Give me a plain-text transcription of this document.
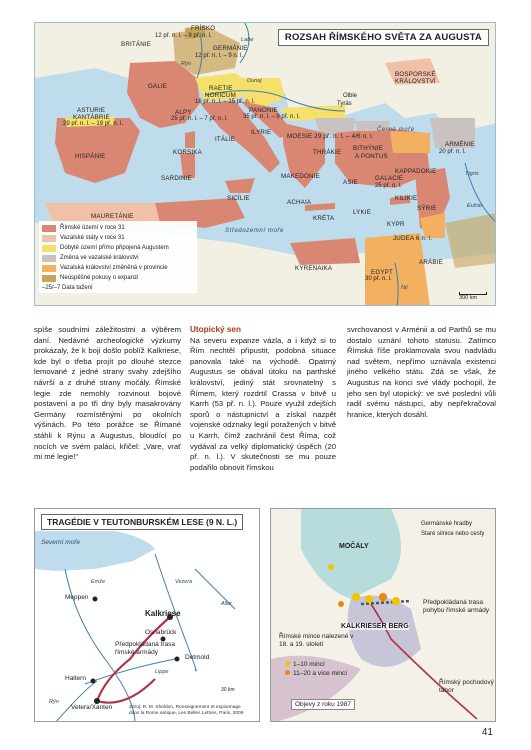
ROZSAH ŘÍMSKÉHO SVĚTA ZA AUGUSTA
FRÍSKO
12 př. n. l. – 9 př. n. l.
BRITÁNIE
GERMÁNIE
12 př. n. l. – 9 n. l.
GALIE	RAETIE
NORICUM
16 př. n. l. – 15 př. n. l.
ALPY
25 př. n. l. – 7 př. n. l.
PANONIE
35 př. n. l. – 9 př. n. l.
ASTURIE
KANTÁBRIE
29 př. n. l. – 19 př. n. l.
HISPÁNIE
ITÁLIE
ILYRIE
KORSIKA
SARDINIE
SICÍLIE
MOESIE 29 př. n. l. – 4/6 n. l.
THRÁKIE
MAKEDONIE
ACHAIA
KRÉTA
BITHÝNIE
A PONTUS
ASIE
LYKIE
GALACIE
25 př. n. l.
KAPPADOKIE
KILIKIE
SÝRIE
KYPR
JUDEA 6 n. l.
ARÁBIE
EGYPT
30 př. n. l.
KYRENAIKA
MAURETÁNIE
ARMÉNIE
20 př. n. l.
BOSPORSKÉ
KRÁLOVSTVÍ
Olbie
Tyrás
Černé moře
Středozemní moře
Rýn
Labe
Dunaj
Tigris
Eufrat
Nil
Římské území v roce 31
Vazalské státy v roce 31
Dobyté území přímo připojená Augustem
Změna ve vazalské království
Vazalská království změněná v provincie
Neúspěšné pokusy o expanzi
–25/–7 Data tažení
300 km
spíše soudními záležitostmi a výběrem daní. Nedávné archeologické výzkumy prokázaly, že k boji došlo poblíž Kalkriese, kde byl o třeba projít po dlouhé stezce lemované z jedné strany svahy zdejšího návrší a z druhé strany močály. Římské legie zde nemohly rozvinout bojové postavení a po tři dny byly masakrovány Germány rozmístěnými po okolních výšinách. Po této porážce se Římané stáhli k Rýnu a Augustus, bloudící po nocích ve svém paláci, křičel: „Vare, vrať mi mé legie!“
Utopický sen
Na severu expanze vázla, a i když si to Řím nechtěl připustit, podobná situace panovala také na východě. Opatrný Augustus se obával útoku na parthské království, jediný stát srovnatelný s Římem, který rozdrtil Crassa v bitvě u Karrh (53 př. n. l.). Pouze využil zdejších sporů o nástupnictví a získal nazpět vojenské odznaky legií poražených v bitvě u Karrh, čímž zachránil čest Říma, což vydával za velký diplomatický úspěch (20 př. n. l.). V skutečnosti se mu pouze podařilo obnovit římskou
svrchovanost v Arménii a od Parthů se mu dostalo uznání tohoto statusu. Zatímco Římská říše proklamovala svou nadvládu nad světem, nepřímo uznávala existenci jiného velkého státu. Zdá se však, že Augustus na konci své vlády pochopil, že jeho sen byl utopický: ve své poslední vůli radil svému nástupci, aby nepřekračoval hranice, kterých dosáhl.
TRAGÉDIE V TEUTONBURSKÉM LESE (9 N. L.)
Severní moře
Emže	Vezera
Aller
Lippe
Rýn
Kalkriese
Meppen
Osnabrück
Detmold
Haltern
Vetera/Xanten
Předpokládaná trasa římské armády
30 km
Zdroj: R. M. Sheldon, Renseignement et espionnage
dans la Rome antique, Les Belles Lettres, Paris, 2009
Germánské hradby
Staré silnice nebo cesty
MOČÁLY
KALKRIESER BERG
Předpokládaná trasa pohybu římské armády
Římské mince nalezené v 18. a 19. století
1–10 mincí
11–20 a více mincí
Objevy z roku 1987
Římský pochodový tábor
41
